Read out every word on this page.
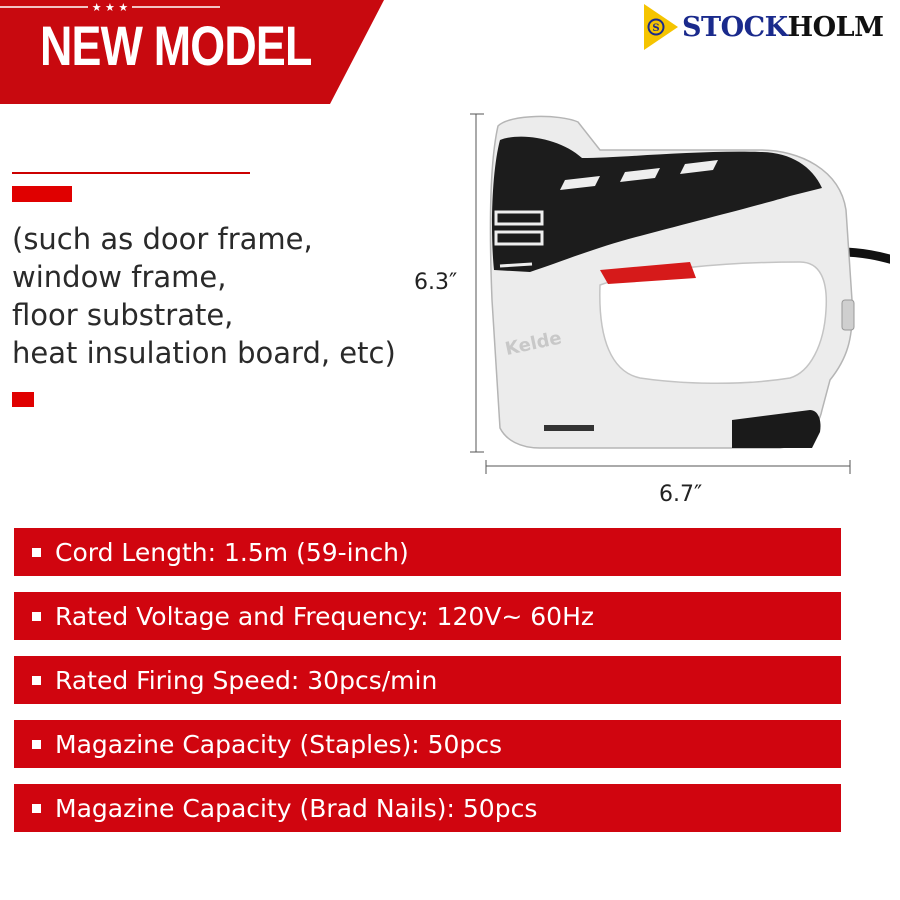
NEW MODEL
★ ★ ★
S STOCKHOLM
(such as door frame,
window frame,
floor substrate,
heat insulation board, etc)
6.3″
6.7″
Kelde
Cord Length: 1.5m (59-inch)
Rated Voltage and Frequency: 120V~ 60Hz
Rated Firing Speed: 30pcs/min
Magazine Capacity (Staples): 50pcs
Magazine Capacity (Brad Nails): 50pcs
